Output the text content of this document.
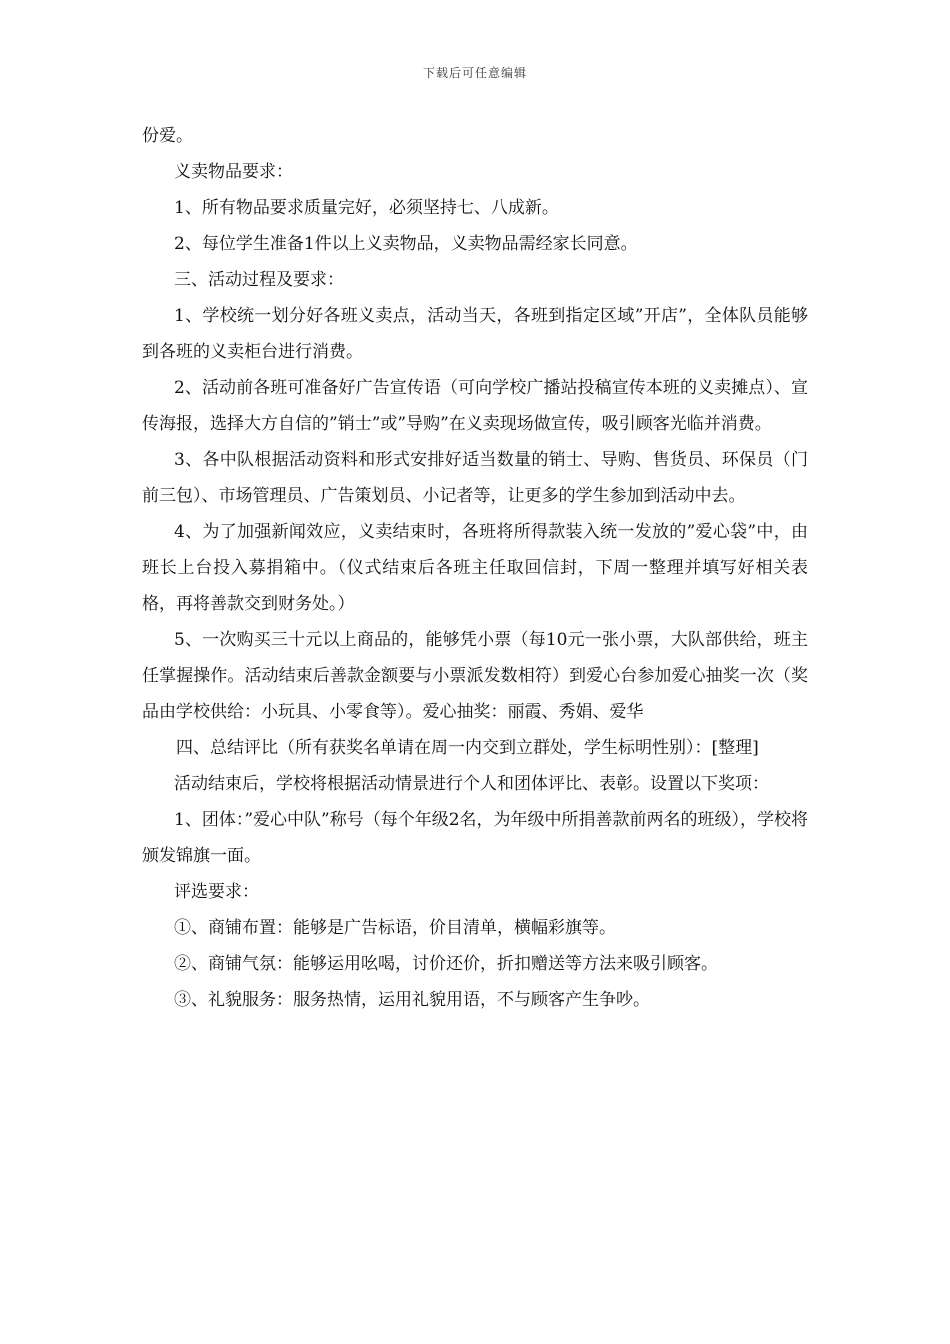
下载后可任意编辑

份爱。

义卖物品要求：

1、所有物品要求质量完好，必须坚持七、八成新。

2、每位学生准备1件以上义卖物品，义卖物品需经家长同意。

三、活动过程及要求：

1、学校统一划分好各班义卖点，活动当天，各班到指定区域”开店”，全体队员能够到各班的义卖柜台进行消费。

2、活动前各班可准备好广告宣传语（可向学校广播站投稿宣传本班的义卖摊点）、宣传海报，选择大方自信的”销士”或”导购”在义卖现场做宣传，吸引顾客光临并消费。

3、各中队根据活动资料和形式安排好适当数量的销士、导购、售货员、环保员（门前三包）、市场管理员、广告策划员、小记者等，让更多的学生参加到活动中去。

4、为了加强新闻效应，义卖结束时，各班将所得款装入统一发放的”爱心袋”中，由班长上台投入募捐箱中。（仪式结束后各班主任取回信封，下周一整理并填写好相关表格，再将善款交到财务处。）

5、一次购买三十元以上商品的，能够凭小票（每10元一张小票，大队部供给，班主任掌握操作。活动结束后善款金额要与小票派发数相符）到爱心台参加爱心抽奖一次（奖品由学校供给：小玩具、小零食等）。爱心抽奖：丽霞、秀娟、爱华

四、总结评比（所有获奖名单请在周一内交到立群处，学生标明性别）：[整理]

活动结束后，学校将根据活动情景进行个人和团体评比、表彰。设置以下奖项：

1、团体：”爱心中队”称号（每个年级2名，为年级中所捐善款前两名的班级），学校将颁发锦旗一面。

评选要求：

①、商铺布置：能够是广告标语，价目清单，横幅彩旗等。

②、商铺气氛：能够运用吆喝，讨价还价，折扣赠送等方法来吸引顾客。

③、礼貌服务：服务热情，运用礼貌用语，不与顾客产生争吵。
